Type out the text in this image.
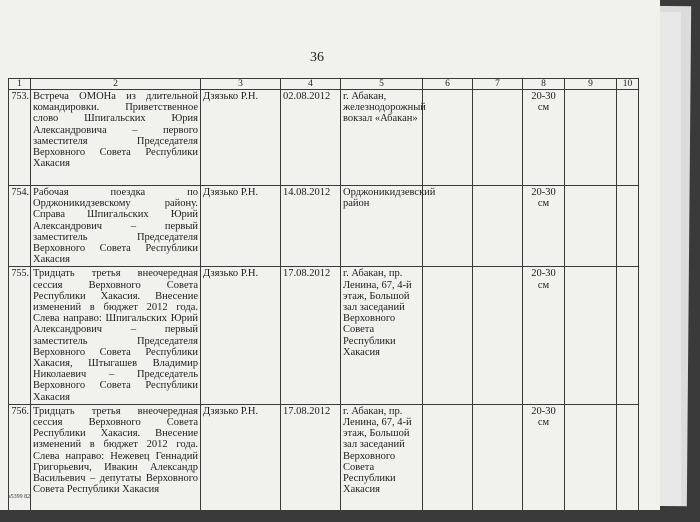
36
1	2	3	4	5	6	7	8	9	10
753.	Встреча ОМОНа из длительной командировки. Приветственное слово Шпигальских Юрия Александровича – первого заместителя Председателя Верховного Совета Республики Хакасия	Дзязько Р.Н.	02.08.2012	г. Абакан, железнодорожный вокзал «Абакан»			20-30 см		
754.	Рабочая поездка по Орджоникидзевскому району. Справа Шпигальских Юрий Александрович – первый заместитель Председателя Верховного Совета Республики Хакасия	Дзязько Р.Н.	14.08.2012	Орджоникидзевский район			20-30 см		
755.	Тридцать третья внеочередная сессия Верховного Совета Республики Хакасия. Внесение изменений в бюджет 2012 года. Слева направо: Шпигальских Юрий Александрович – первый заместитель Председателя Верховного Совета Республики Хакасия, Штыгашев Владимир Николаевич – Председатель Верховного Совета Республики Хакасия	Дзязько Р.Н.	17.08.2012	г. Абакан, пр. Ленина, 67, 4-й этаж, Большой зал заседаний Верховного Совета Республики Хакасия			20-30 см		
756.	Тридцать третья внеочередная сессия Верховного Совета Республики Хакасия. Внесение изменений в бюджет 2012 года. Слева направо: Нежевец Геннадий Григорьевич, Ивакин Александр Васильевич – депутаты Верховного Совета Республики Хакасия	Дзязько Р.Н.	17.08.2012	г. Абакан, пр. Ленина, 67, 4-й этаж, Большой зал заседаний Верховного Совета Республики Хакасия			20-30 см		
а5399 82
